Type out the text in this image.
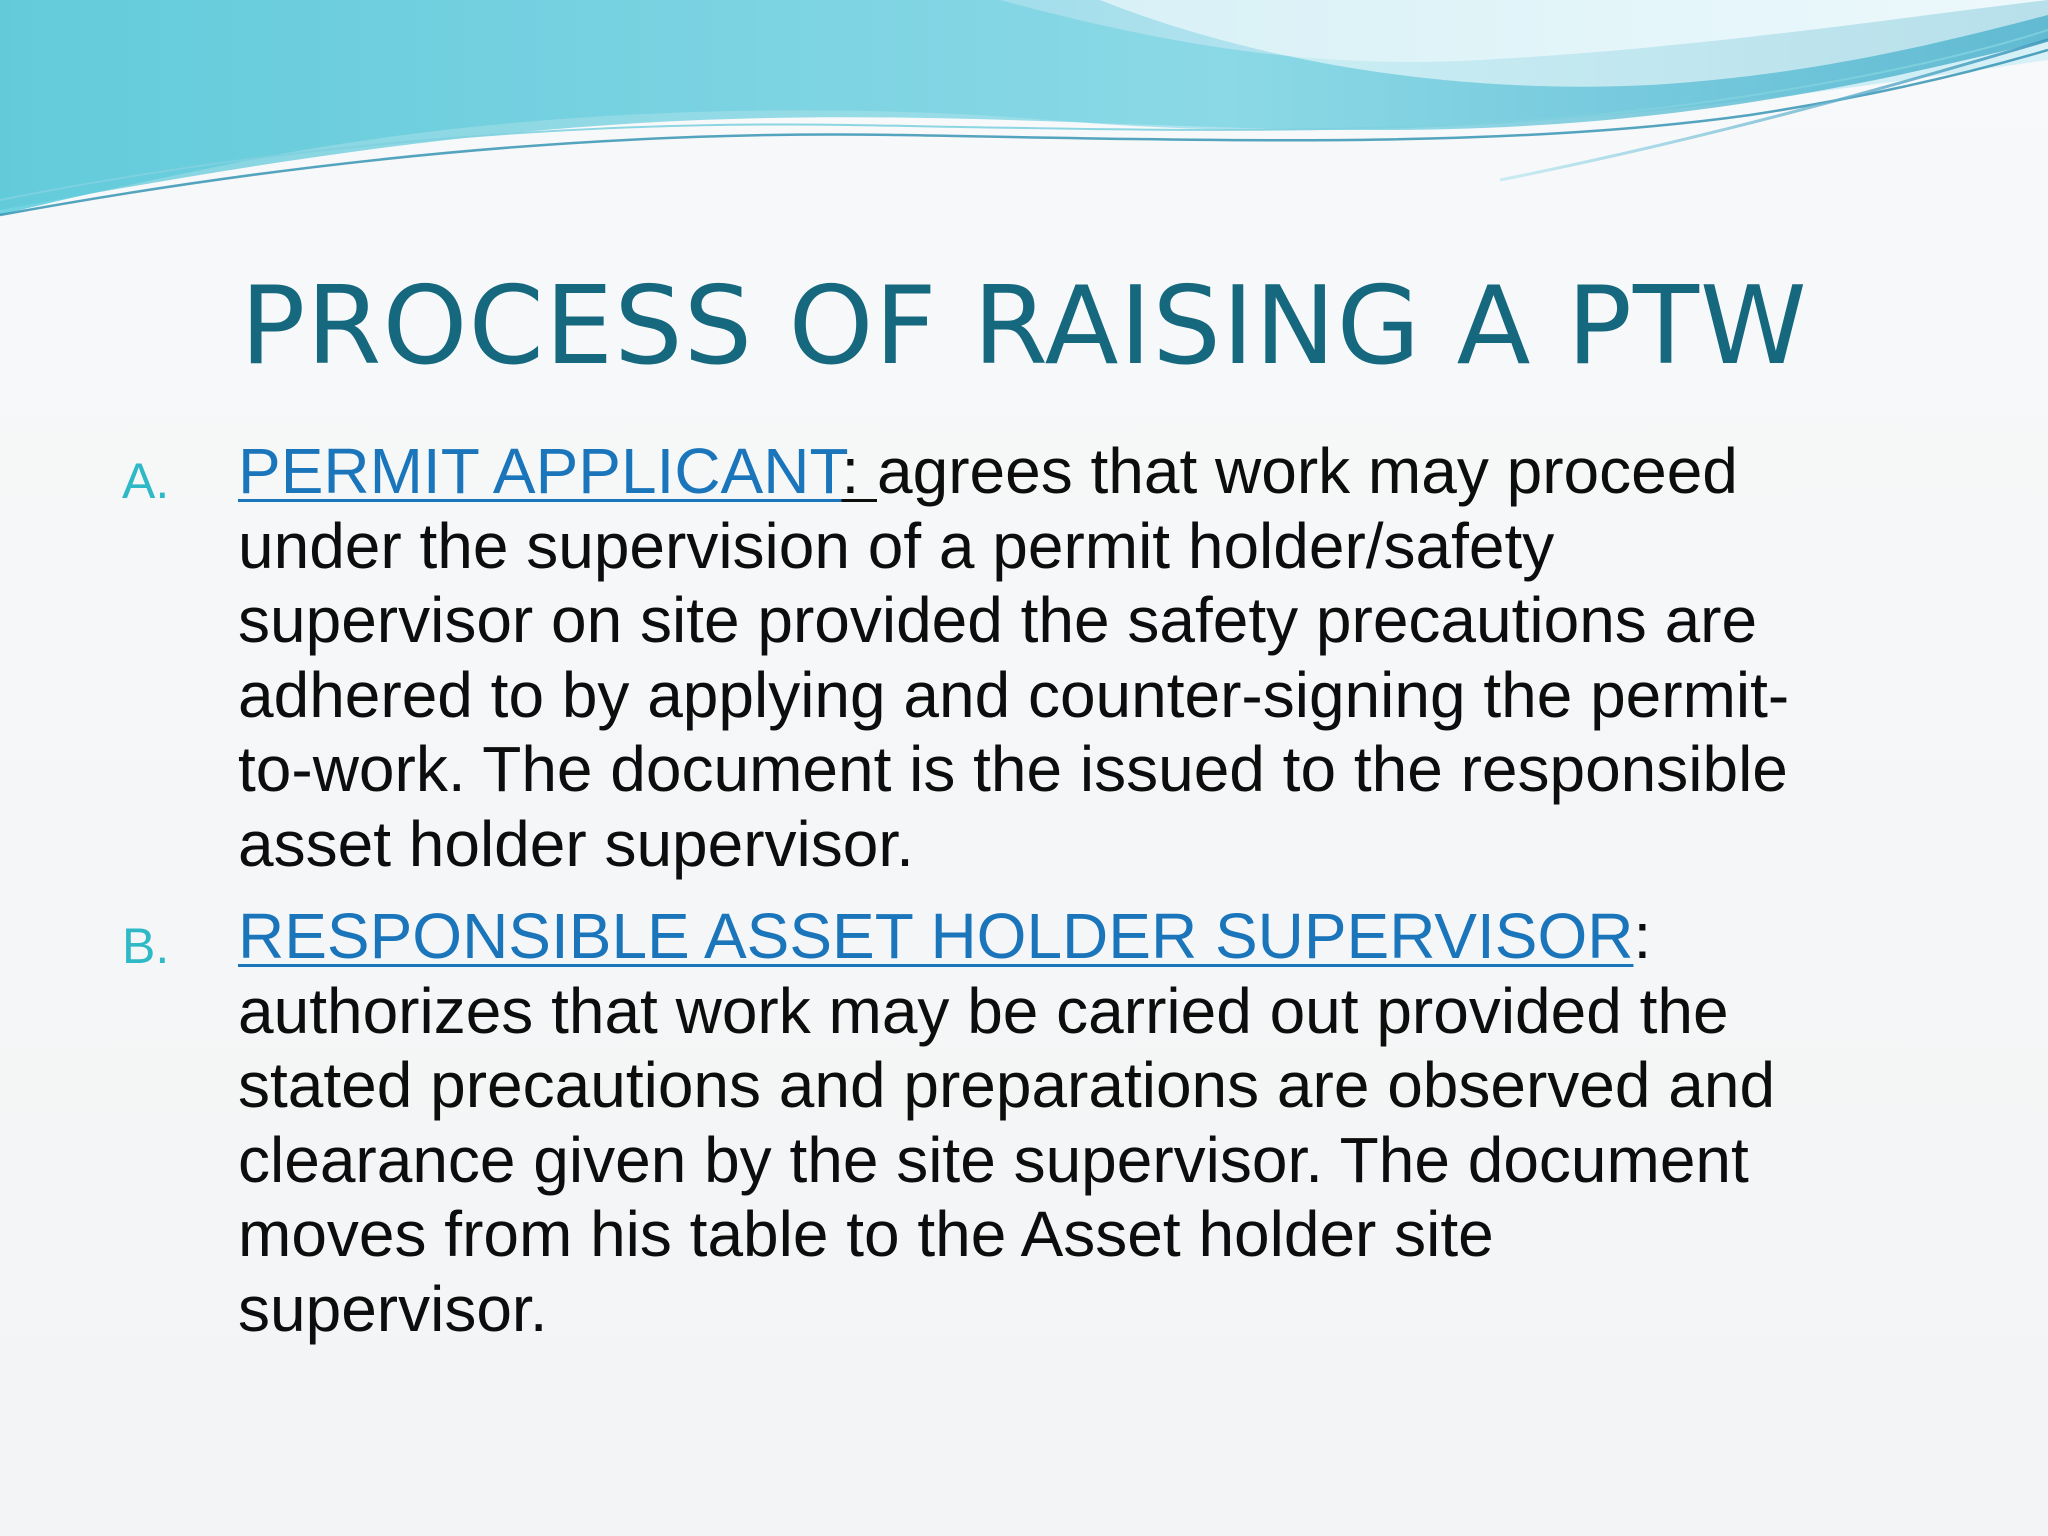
PROCESS OF RAISING A PTW
A. PERMIT APPLICANT: agrees that work may proceed
under the supervision of a permit holder/safety
supervisor on site provided the safety precautions are
adhered to by applying and counter-signing the permit-
to-work. The document is the issued to the responsible
asset holder supervisor.
B. RESPONSIBLE ASSET HOLDER SUPERVISOR:
authorizes that work may be carried out provided the
stated precautions and preparations are observed and
clearance given by the site supervisor. The document
moves from his table to the Asset holder site
supervisor.
